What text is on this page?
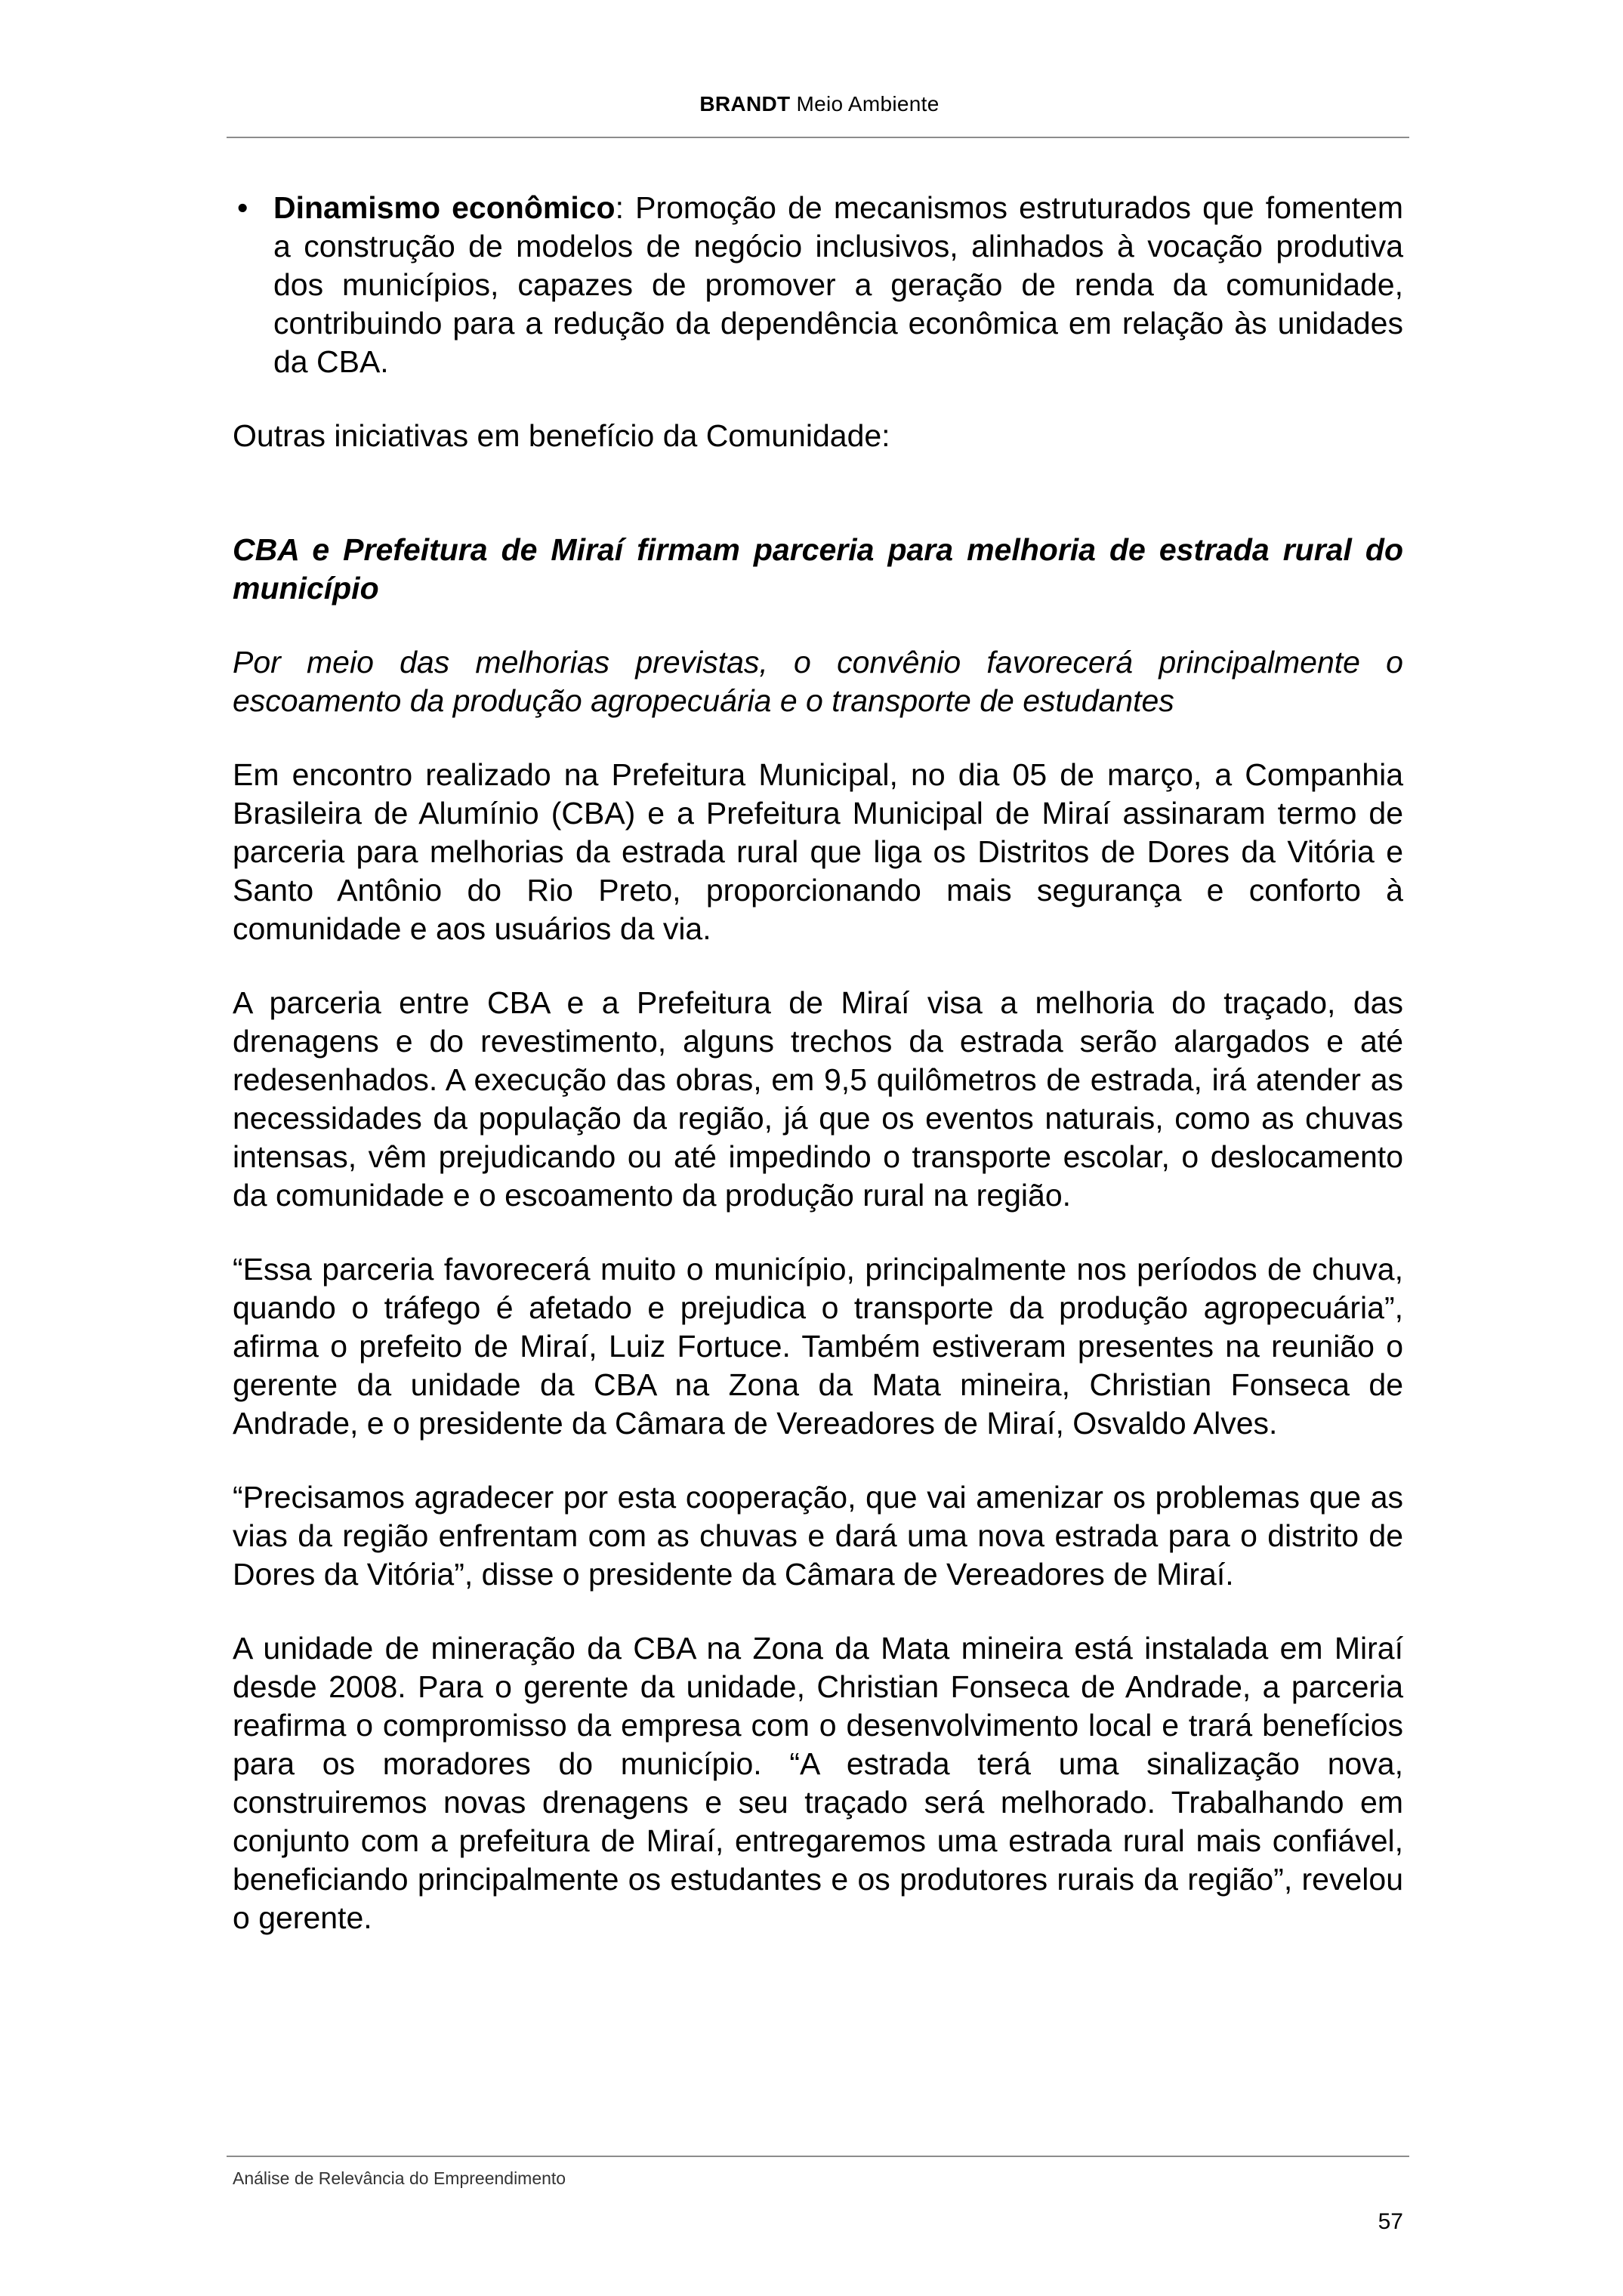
BRANDT Meio Ambiente
• Dinamismo econômico: Promoção de mecanismos estruturados que fomentem a construção de modelos de negócio inclusivos, alinhados à vocação produtiva dos municípios, capazes de promover a geração de renda da comunidade, contribuindo para a redução da dependência econômica em relação às unidades da CBA.

Outras iniciativas em benefício da Comunidade:

CBA e Prefeitura de Miraí firmam parceria para melhoria de estrada rural do município

Por meio das melhorias previstas, o convênio favorecerá principalmente o escoamento da produção agropecuária e o transporte de estudantes

Em encontro realizado na Prefeitura Municipal, no dia 05 de março, a Companhia Brasileira de Alumínio (CBA) e a Prefeitura Municipal de Miraí assinaram termo de parceria para melhorias da estrada rural que liga os Distritos de Dores da Vitória e Santo Antônio do Rio Preto, proporcionando mais segurança e conforto à comunidade e aos usuários da via.

A parceria entre CBA e a Prefeitura de Miraí visa a melhoria do traçado, das drenagens e do revestimento, alguns trechos da estrada serão alargados e até redesenhados. A execução das obras, em 9,5 quilômetros de estrada, irá atender as necessidades da população da região, já que os eventos naturais, como as chuvas intensas, vêm prejudicando ou até impedindo o transporte escolar, o deslocamento da comunidade e o escoamento da produção rural na região.

“Essa parceria favorecerá muito o município, principalmente nos períodos de chuva, quando o tráfego é afetado e prejudica o transporte da produção agropecuária”, afirma o prefeito de Miraí, Luiz Fortuce. Também estiveram presentes na reunião o gerente da unidade da CBA na Zona da Mata mineira, Christian Fonseca de Andrade, e o presidente da Câmara de Vereadores de Miraí, Osvaldo Alves.

“Precisamos agradecer por esta cooperação, que vai amenizar os problemas que as vias da região enfrentam com as chuvas e dará uma nova estrada para o distrito de Dores da Vitória”, disse o presidente da Câmara de Vereadores de Miraí.

A unidade de mineração da CBA na Zona da Mata mineira está instalada em Miraí desde 2008. Para o gerente da unidade, Christian Fonseca de Andrade, a parceria reafirma o compromisso da empresa com o desenvolvimento local e trará benefícios para os moradores do município. “A estrada terá uma sinalização nova, construiremos novas drenagens e seu traçado será melhorado. Trabalhando em conjunto com a prefeitura de Miraí, entregaremos uma estrada rural mais confiável, beneficiando principalmente os estudantes e os produtores rurais da região”, revelou o gerente.

Análise de Relevância do Empreendimento
57
